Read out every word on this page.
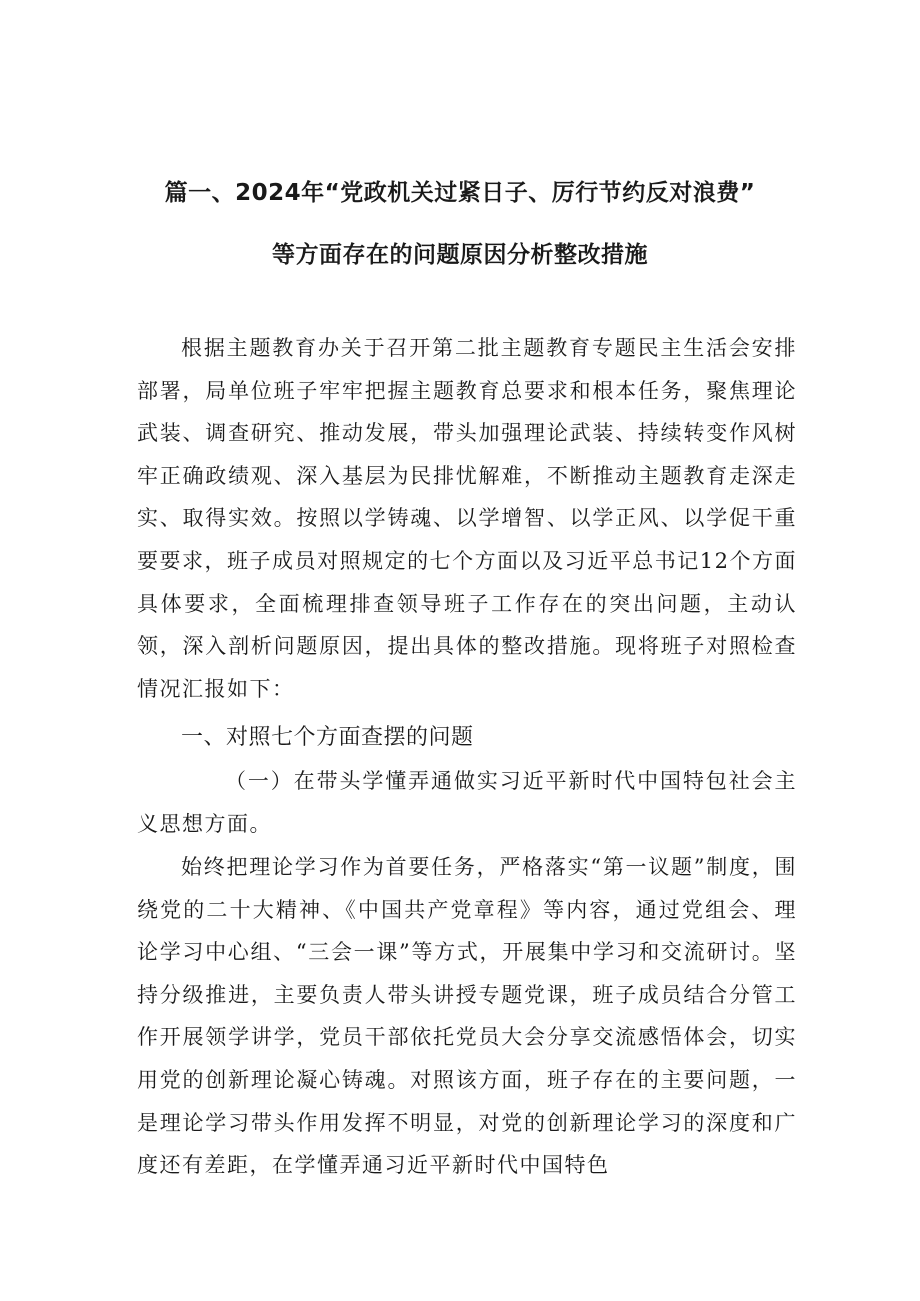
篇一、2024年“党政机关过紧日子、厉行节约反对浪费”
等方面存在的问题原因分析整改措施
根据主题教育办关于召开第二批主题教育专题民主生活会安排部署，局单位班子牢牢把握主题教育总要求和根本任务，聚焦理论武装、调查研究、推动发展，带头加强理论武装、持续转变作风树牢正确政绩观、深入基层为民排忧解难，不断推动主题教育走深走实、取得实效。按照以学铸魂、以学增智、以学正风、以学促干重要要求，班子成员对照规定的七个方面以及习近平总书记12个方面具体要求，全面梳理排查领导班子工作存在的突出问题，主动认领，深入剖析问题原因，提出具体的整改措施。现将班子对照检查情况汇报如下：
一、对照七个方面查摆的问题
（一）在带头学懂弄通做实习近平新时代中国特包社会主义思想方面。
始终把理论学习作为首要任务，严格落实“第一议题”制度，围绕党的二十大精神、《中国共产党章程》等内容，通过党组会、理论学习中心组、“三会一课”等方式，开展集中学习和交流研讨。坚持分级推进，主要负责人带头讲授专题党课，班子成员结合分管工作开展领学讲学，党员干部依托党员大会分享交流感悟体会，切实用党的创新理论凝心铸魂。对照该方面，班子存在的主要问题，一是理论学习带头作用发挥不明显，对党的创新理论学习的深度和广度还有差距，在学懂弄通习近平新时代中国特色
